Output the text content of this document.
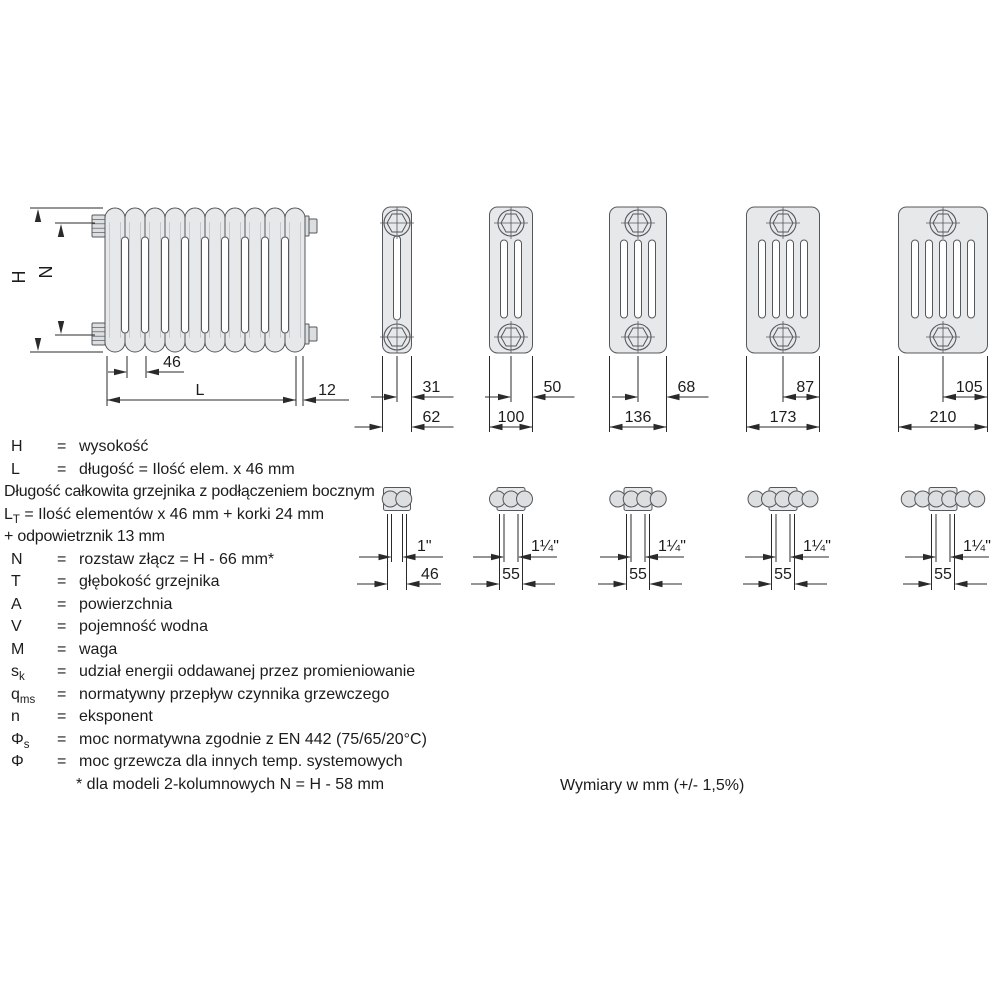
H N
46
L	12	31
62
50
100
68
136
87
173
105
210
1"
46
1¼"
55
1¼"
55
1¼"
55
1¼"
55
H = wysokość
L = długość = Ilość elem. x 46 mm
Długość całkowita grzejnika z podłączeniem bocznym
$L_T$ = Ilość elementów x 46 mm + korki 24 mm
+ odpowietrznik 13 mm
N = rozstaw złącz = H - 66 mm*
T = głębokość grzejnika
A = powierzchnia
V = pojemność wodna
M = waga
$s_k$ = udział energii oddawanej przez promieniowanie
$q_{ms}$ = normatywny przepływ czynnika grzewczego
n = eksponent
$\Phi_s$ = moc normatywna zgodnie z EN 442 (75/65/20°C)
Φ = moc grzewcza dla innych temp. systemowych
* dla modeli 2-kolumnowych N = H - 58 mm	Wymiary w mm (+/- 1,5%)
